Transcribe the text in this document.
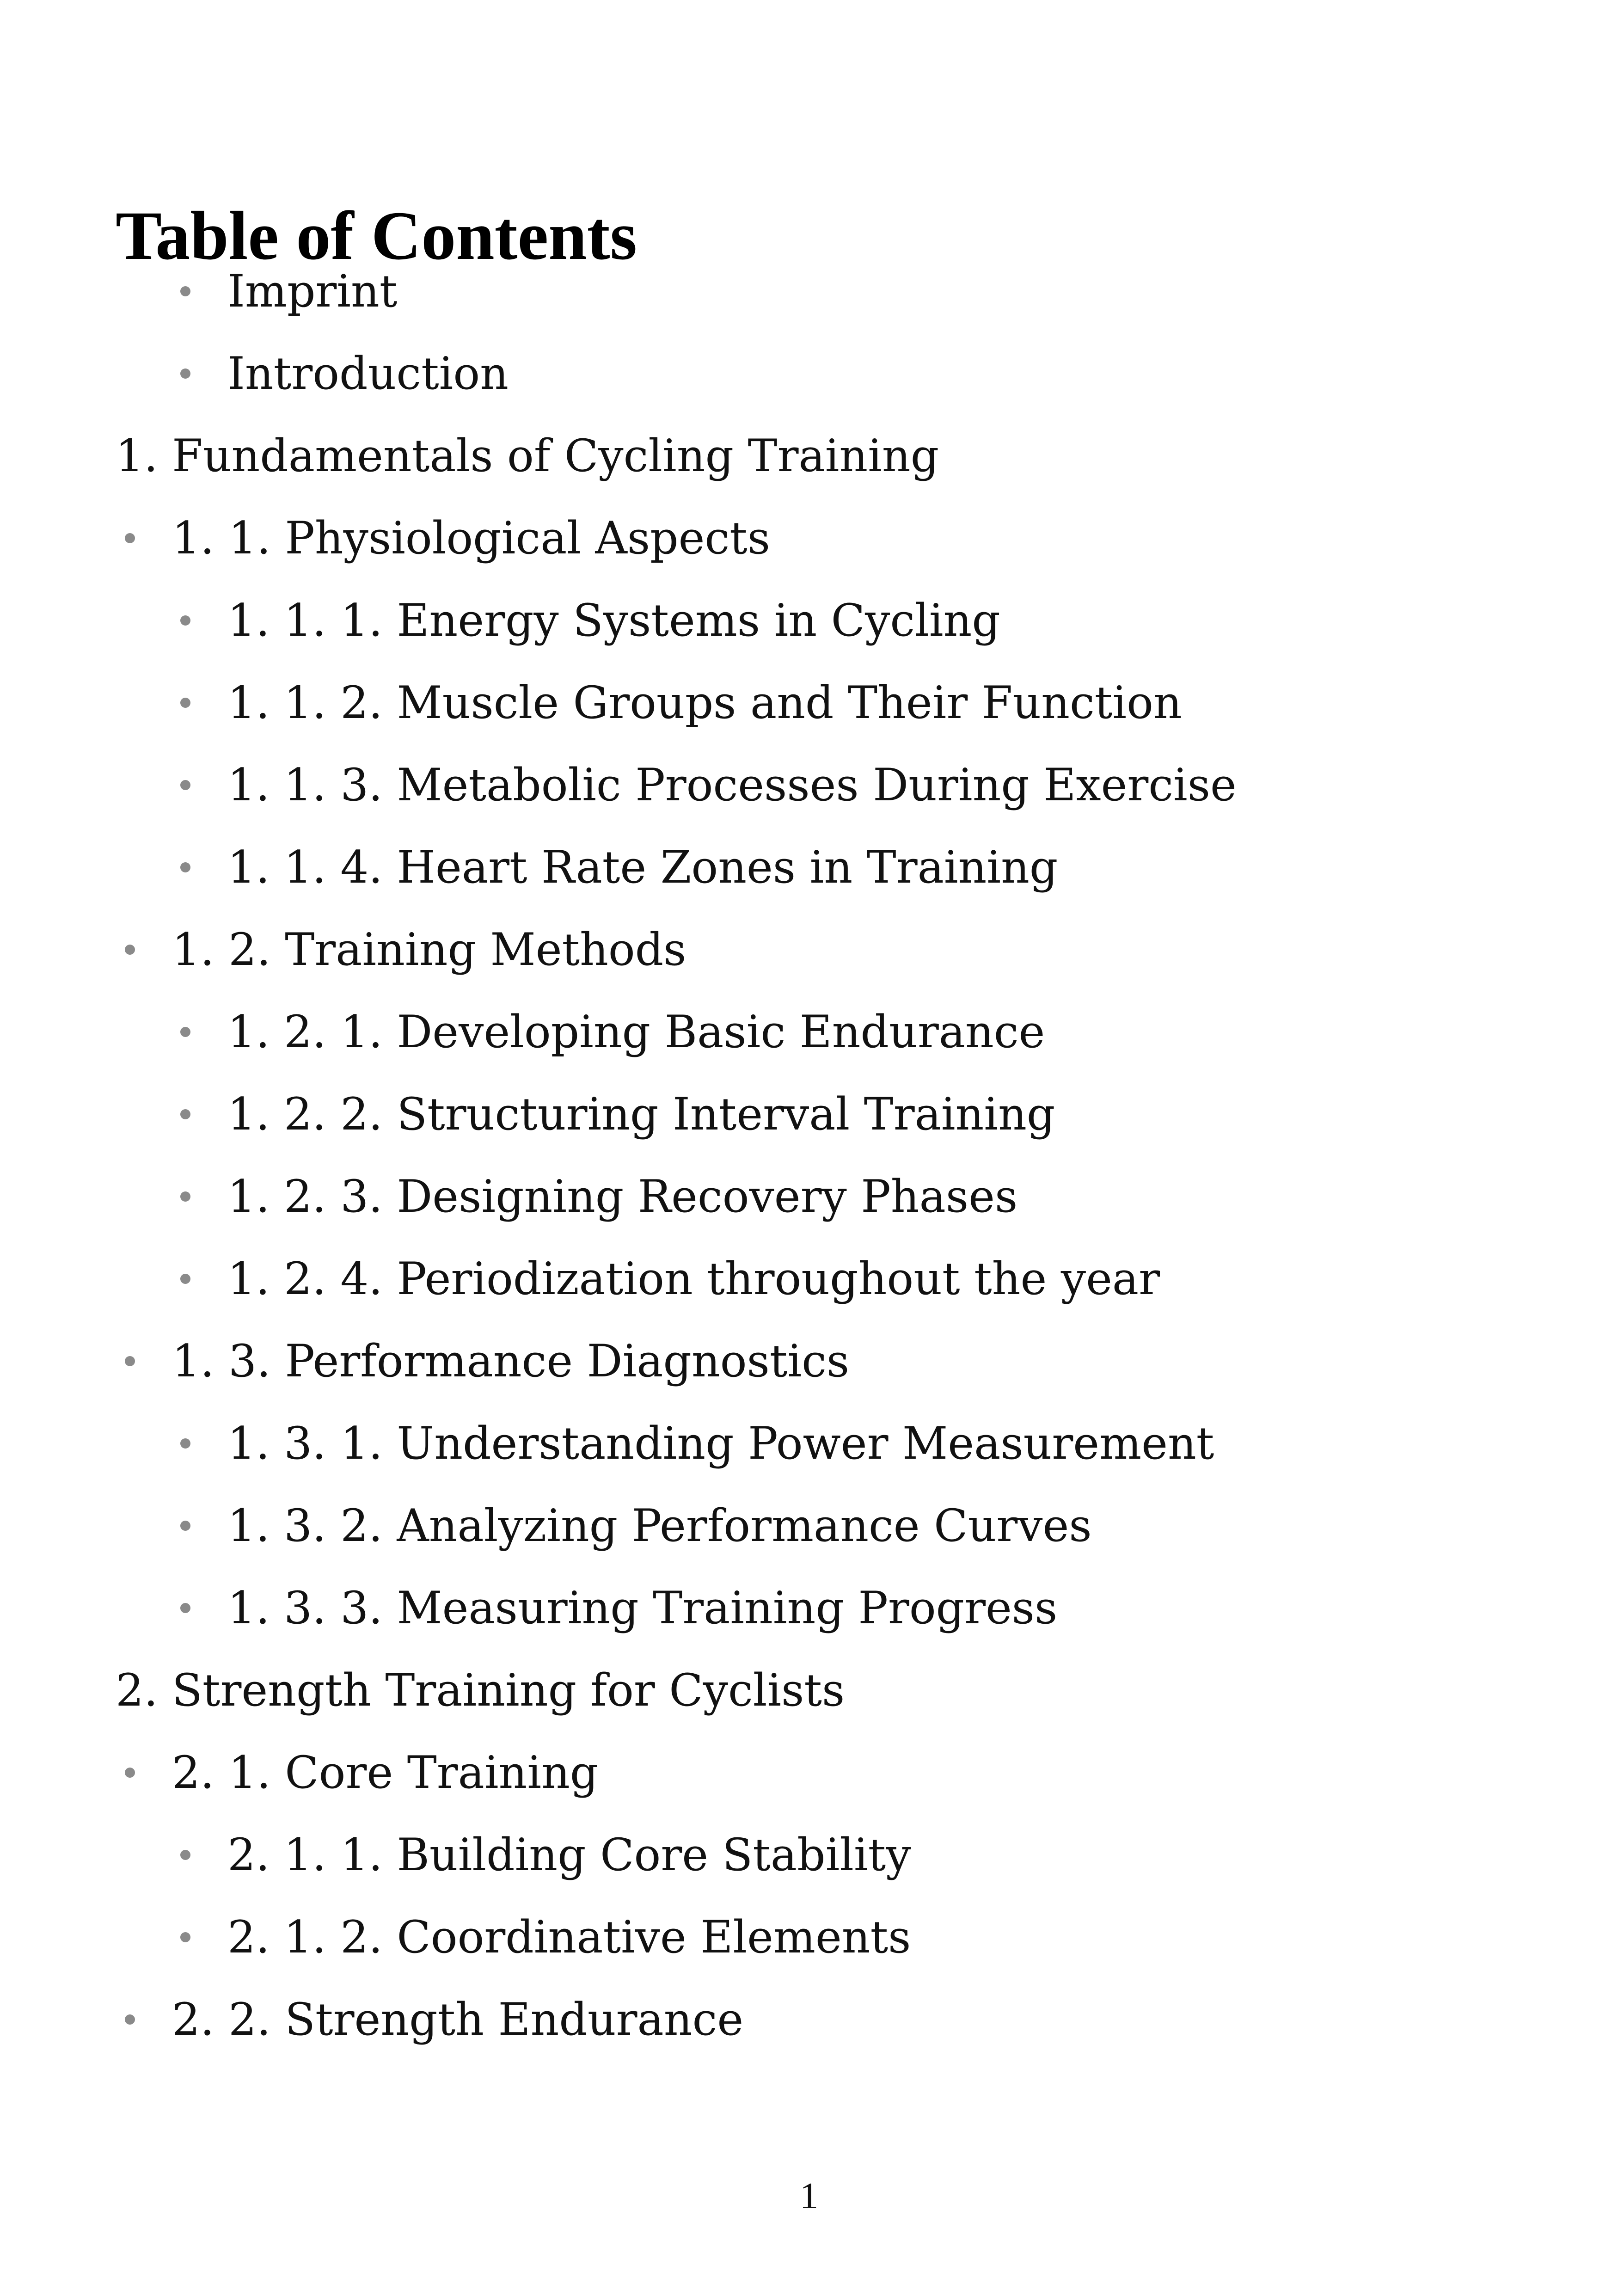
Table of Contents
Imprint
Introduction
1. Fundamentals of Cycling Training
1. 1. Physiological Aspects
1. 1. 1. Energy Systems in Cycling
1. 1. 2. Muscle Groups and Their Function
1. 1. 3. Metabolic Processes During Exercise
1. 1. 4. Heart Rate Zones in Training
1. 2. Training Methods
1. 2. 1. Developing Basic Endurance
1. 2. 2. Structuring Interval Training
1. 2. 3. Designing Recovery Phases
1. 2. 4. Periodization throughout the year
1. 3. Performance Diagnostics
1. 3. 1. Understanding Power Measurement
1. 3. 2. Analyzing Performance Curves
1. 3. 3. Measuring Training Progress
2. Strength Training for Cyclists
2. 1. Core Training
2. 1. 1. Building Core Stability
2. 1. 2. Coordinative Elements
2. 2. Strength Endurance
1
